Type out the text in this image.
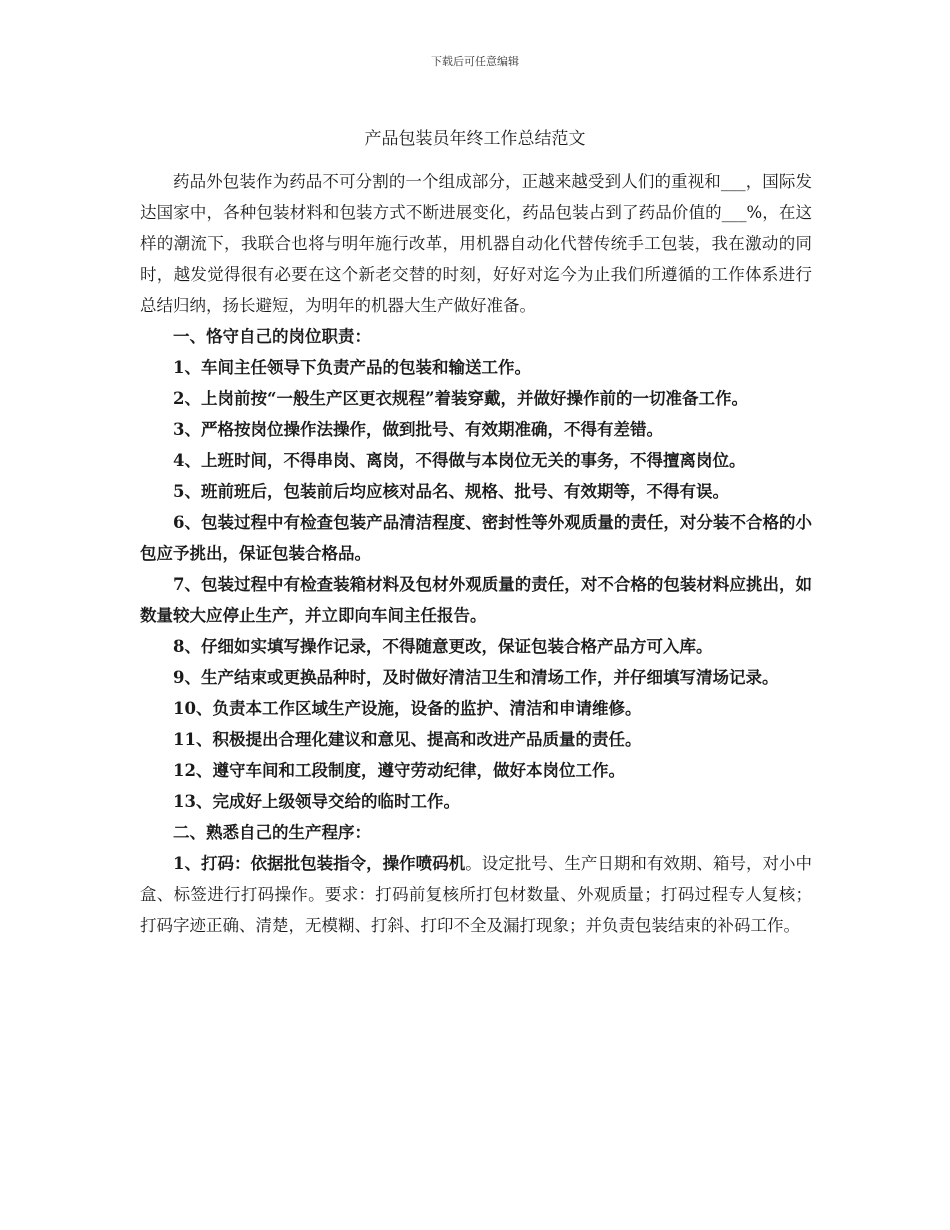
下载后可任意编辑
产品包装员年终工作总结范文

药品外包装作为药品不可分割的一个组成部分，正越来越受到人们的重视和___，国际发达国家中，各种包装材料和包装方式不断进展变化，药品包装占到了药品价值的___%，在这样的潮流下，我联合也将与明年施行改革，用机器自动化代替传统手工包装，我在激动的同时，越发觉得很有必要在这个新老交替的时刻，好好对迄今为止我们所遵循的工作体系进行总结归纳，扬长避短，为明年的机器大生产做好准备。

一、恪守自己的岗位职责：

1、车间主任领导下负责产品的包装和输送工作。

2、上岗前按“一般生产区更衣规程”着装穿戴，并做好操作前的一切准备工作。

3、严格按岗位操作法操作，做到批号、有效期准确，不得有差错。

4、上班时间，不得串岗、离岗，不得做与本岗位无关的事务，不得擅离岗位。

5、班前班后，包装前后均应核对品名、规格、批号、有效期等，不得有误。

6、包装过程中有检查包装产品清洁程度、密封性等外观质量的责任，对分装不合格的小包应予挑出，保证包装合格品。

7、包装过程中有检查装箱材料及包材外观质量的责任，对不合格的包装材料应挑出，如数量较大应停止生产，并立即向车间主任报告。

8、仔细如实填写操作记录，不得随意更改，保证包装合格产品方可入库。

9、生产结束或更换品种时，及时做好清洁卫生和清场工作，并仔细填写清场记录。

10、负责本工作区域生产设施，设备的监护、清洁和申请维修。

11、积极提出合理化建议和意见、提高和改进产品质量的责任。

12、遵守车间和工段制度，遵守劳动纪律，做好本岗位工作。

13、完成好上级领导交给的临时工作。

二、熟悉自己的生产程序：

1、打码：依据批包装指令，操作喷码机。设定批号、生产日期和有效期、箱号，对小中盒、标签进行打码操作。要求：打码前复核所打包材数量、外观质量；打码过程专人复核；打码字迹正确、清楚，无模糊、打斜、打印不全及漏打现象；并负责包装结束的补码工作。
